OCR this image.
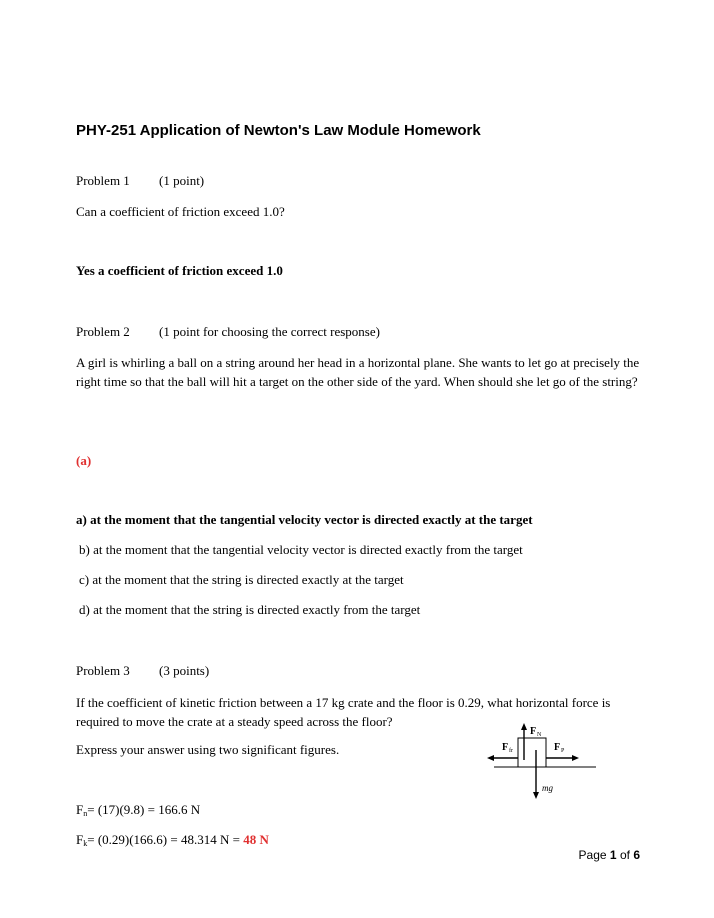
PHY-251 Application of Newton's Law Module Homework
Problem 1 (1 point)
Can a coefficient of friction exceed 1.0?
Yes a coefficient of friction exceed 1.0
Problem 2 (1 point for choosing the correct response)
A girl is whirling a ball on a string around her head in a horizontal plane. She wants to let go at precisely the right time so that the ball will hit a target on the other side of the yard. When should she let go of the string?
(a)
a) at the moment that the tangential velocity vector is directed exactly at the target
b) at the moment that the tangential velocity vector is directed exactly from the target
c) at the moment that the string is directed exactly at the target
d) at the moment that the string is directed exactly from the target
Problem 3 (3 points)
If the coefficient of kinetic friction between a 17 kg crate and the floor is 0.29, what horizontal force is required to move the crate at a steady speed across the floor?
Express your answer using two significant figures.
F N
F fr	F P
mg
$F_n= (17)(9.8) = 166.6$ N
$F_k= (0.29)(166.6) = 48.314$ N = 48 N
Page 1 of 6
